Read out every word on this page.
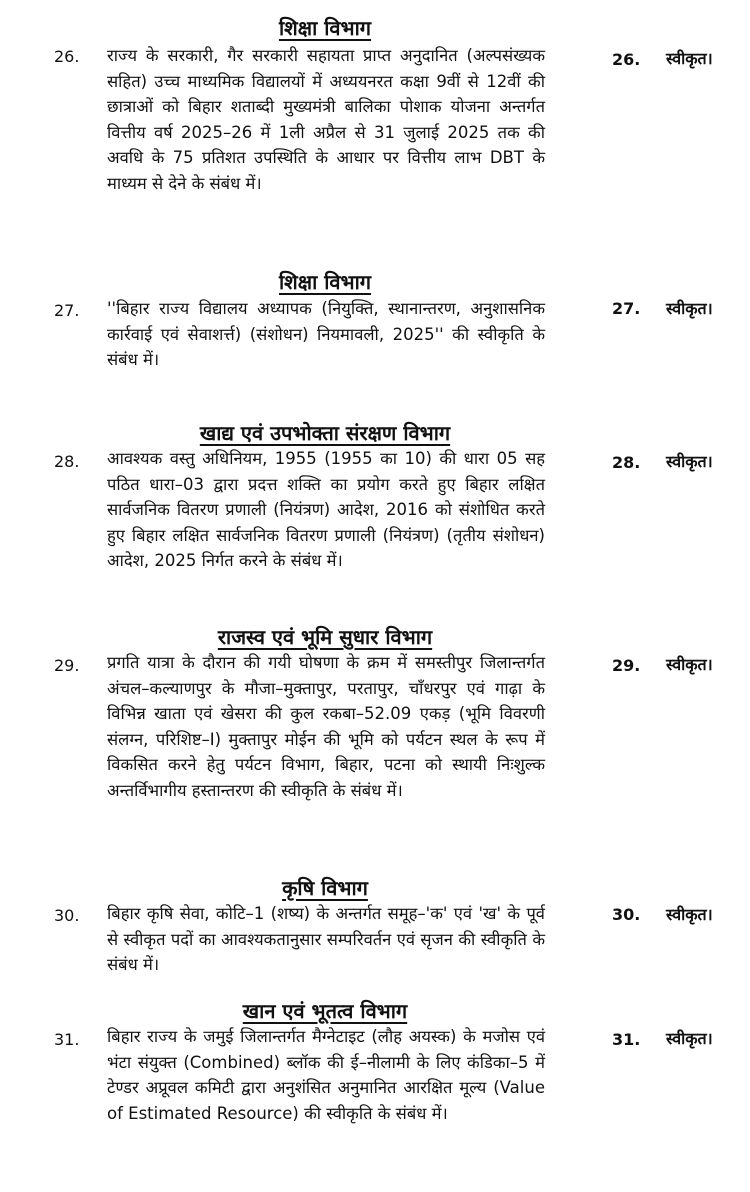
शिक्षा विभाग
26.	राज्य के सरकारी, गैर सरकारी सहायता प्राप्त अनुदानित (अल्पसंख्यक सहित) उच्च माध्यमिक विद्यालयों में अध्ययनरत कक्षा 9वीं से 12वीं की छात्राओं को बिहार शताब्दी मुख्यमंत्री बालिका पोशाक योजना अन्तर्गत वित्तीय वर्ष 2025–26 में 1ली अप्रैल से 31 जुलाई 2025 तक की अवधि के 75 प्रतिशत उपस्थिति के आधार पर वित्तीय लाभ DBT के माध्यम से देने के संबंध में।
26.	स्वीकृत।
शिक्षा विभाग
27.	''बिहार राज्य विद्यालय अध्यापक (नियुक्ति, स्थानान्तरण, अनुशासनिक कार्रवाई एवं सेवाशर्त्त) (संशोधन) नियमावली, 2025'' की स्वीकृति के संबंध में।
27.	स्वीकृत।
खाद्य एवं उपभोक्ता संरक्षण विभाग
28.	आवश्यक वस्तु अधिनियम, 1955 (1955 का 10) की धारा 05 सह पठित धारा–03 द्वारा प्रदत्त शक्ति का प्रयोग करते हुए बिहार लक्षित सार्वजनिक वितरण प्रणाली (नियंत्रण) आदेश, 2016 को संशोधित करते हुए बिहार लक्षित सार्वजनिक वितरण प्रणाली (नियंत्रण) (तृतीय संशोधन) आदेश, 2025 निर्गत करने के संबंध में।
28.	स्वीकृत।
राजस्व एवं भूमि सुधार विभाग
29.	प्रगति यात्रा के दौरान की गयी घोषणा के क्रम में समस्तीपुर जिलान्तर्गत अंचल–कल्याणपुर के मौजा–मुक्तापुर, परतापुर, चाँधरपुर एवं गाढ़ा के विभिन्न खाता एवं खेसरा की कुल रकबा–52.09 एकड़ (भूमि विवरणी संलग्न, परिशिष्ट–I) मुक्तापुर मोईन की भूमि को पर्यटन स्थल के रूप में विकसित करने हेतु पर्यटन विभाग, बिहार, पटना को स्थायी निःशुल्क अन्तर्विभागीय हस्तान्तरण की स्वीकृति के संबंध में।
29.	स्वीकृत।
कृषि विभाग
30.	बिहार कृषि सेवा, कोटि–1 (शष्य) के अन्तर्गत समूह–'क' एवं 'ख' के पूर्व से स्वीकृत पदों का आवश्यकतानुसार सम्परिवर्तन एवं सृजन की स्वीकृति के संबंध में।
30.	स्वीकृत।
खान एवं भूतत्व विभाग
31.	बिहार राज्य के जमुई जिलान्तर्गत मैग्नेटाइट (लौह अयस्क) के मजोस एवं भंटा संयुक्त (Combined) ब्लॉक की ई–नीलामी के लिए कंडिका–5 में टेण्डर अप्रूवल कमिटी द्वारा अनुशंसित अनुमानित आरक्षित मूल्य (Value of Estimated Resource) की स्वीकृति के संबंध में।
31.	स्वीकृत।
